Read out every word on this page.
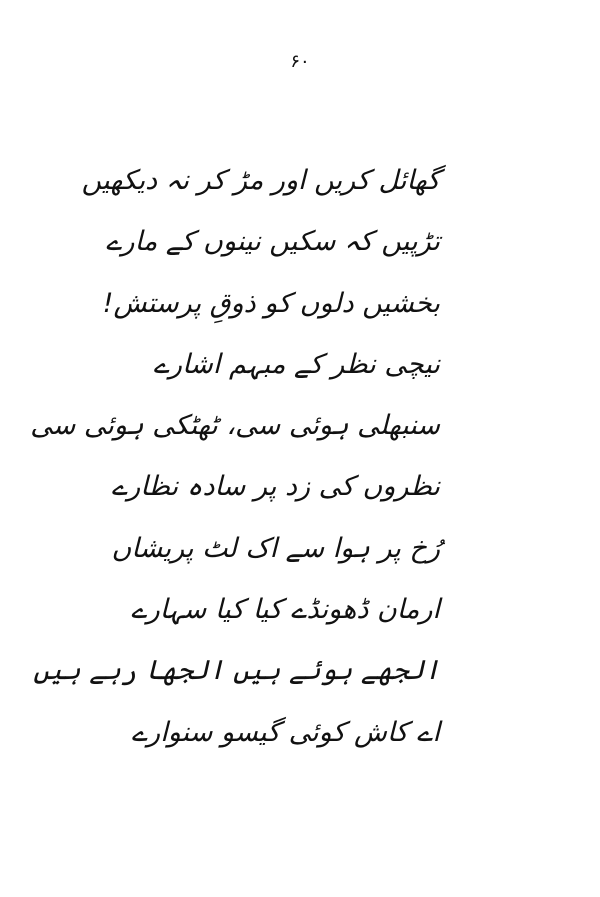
۶۰
گھائل کریں اور مڑ کر نہ دیکھیں
تڑپیں کہ سکیں نینوں کے مارے
بخشیں دلوں کو ذوقِ پرستش!
نیچی نظر کے مبہم اشارے
سنبھلی ہوئی سی، ٹھٹکی ہوئی سی
نظروں کی زد پر سادہ نظارے
رُخ پر ہوا سے اک لٹ پریشاں
ارمان ڈھونڈے کیا کیا سہارے
الجھے ہوئے ہیں الجھا رہے ہیں
اے کاش کوئی گیسو سنوارے
